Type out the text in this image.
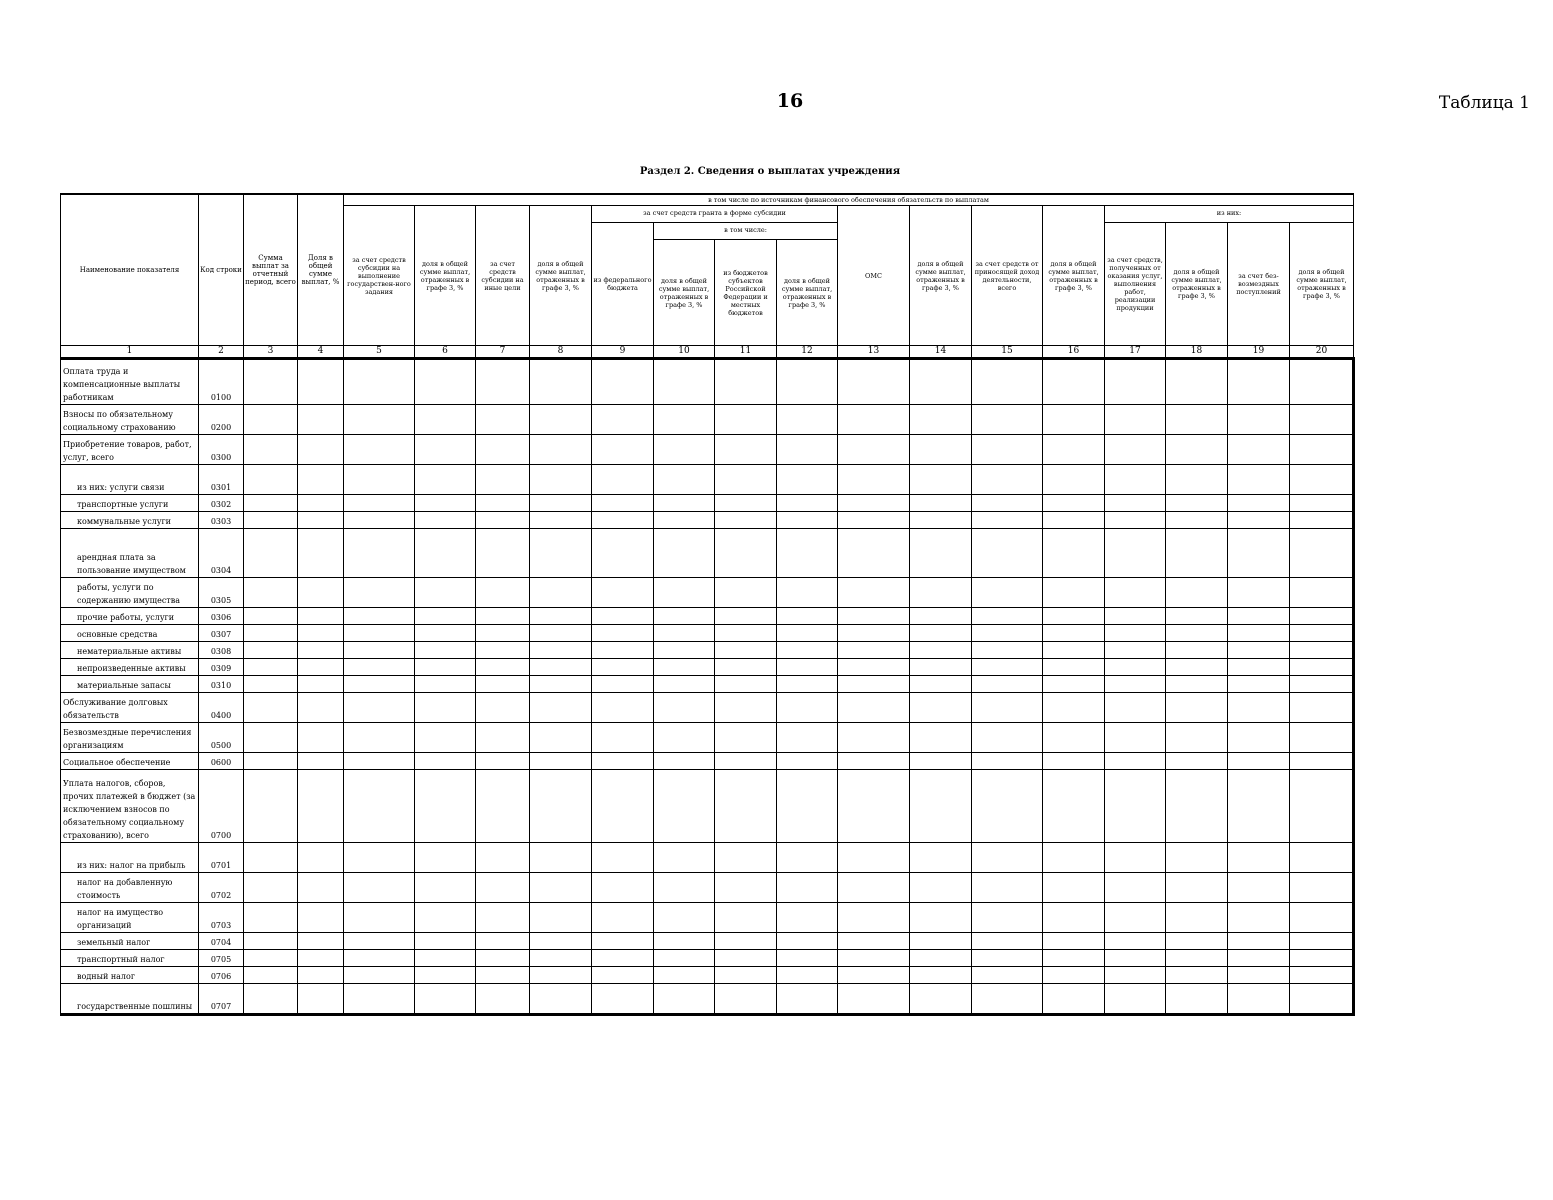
16	Таблица 1
Раздел 2. Сведения о выплатах учреждения
Наименование показателя	Код строки	Сумма выплат за отчетный период, всего	Доля в общей сумме выплат, %	в том числе по источникам финансового обеспечения обязательств по выплатам															
				за счет средств субсидии на выполнение государствен-ного задания	доля в общей сумме выплат, отраженных в графе 3, %	за счет средств субсидии на иные цели	доля в общей сумме выплат, отраженных в графе 3, %	за счет средств гранта в форме субсидии				ОМС	доля в общей сумме выплат, отраженных в графе 3, %	за счет средств от приносящей доход деятельности, всего	доля в общей сумме выплат, отраженных в графе 3, %	из них:			
								из федерального бюджета	в том числе:							за счет средств, полученных от оказания услуг, выполнения работ, реализации продукции	доля в общей сумме выплат, отраженных в графе 3, %	за счет без-возмездных поступлений	доля в общей сумме выплат, отраженных в графе 3, %
									доля в общей сумме выплат, отраженных в графе 3, %	из бюджетов субъектов Российской Федерации и местных бюджетов	доля в общей сумме выплат, отраженных в графе 3, %								
1	2	3	4	5	6	7	8	9	10	11	12	13	14	15	16	17	18	19	20
Оплата труда и компенсационные выплаты работникам	0100																		
Взносы по обязательному социальному страхованию	0200																		
Приобретение товаров, работ, услуг, всего	0300																		
из них: услуги связи	0301																		
транспортные услуги	0302																		
коммунальные услуги	0303																		
арендная плата за пользование имуществом	0304																		
работы, услуги по содержанию имущества	0305																		
прочие работы, услуги	0306																		
основные средства	0307																		
нематериальные активы	0308																		
непроизведенные активы	0309																		
материальные запасы	0310																		
Обслуживание долговых обязательств	0400																		
Безвозмездные перечисления организациям	0500																		
Социальное обеспечение	0600																		
Уплата налогов, сборов, прочих платежей в бюджет (за исключением взносов по обязательному социальному страхованию), всего	0700																		
из них: налог на прибыль	0701																		
налог на добавленную стоимость	0702																		
налог на имущество организаций	0703																		
земельный налог	0704																		
транспортный налог	0705																		
водный налог	0706																		
государственные пошлины	0707																		
